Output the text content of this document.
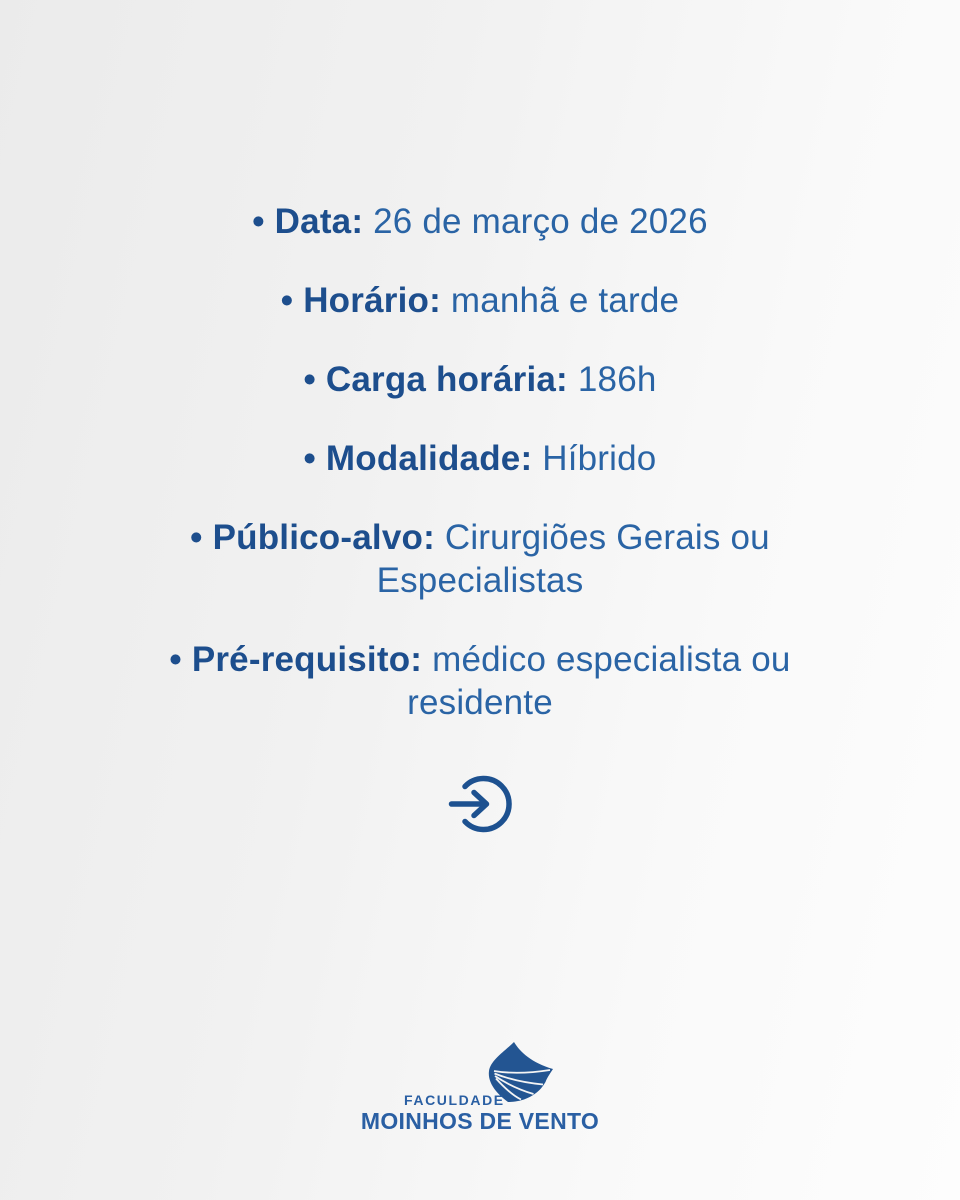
• Data: 26 de março de 2026
• Horário: manhã e tarde
• Carga horária: 186h
• Modalidade: Híbrido
• Público-alvo: Cirurgiões Gerais ou Especialistas
• Pré-requisito: médico especialista ou residente
FACULDADE
MOINHOS DE VENTO
